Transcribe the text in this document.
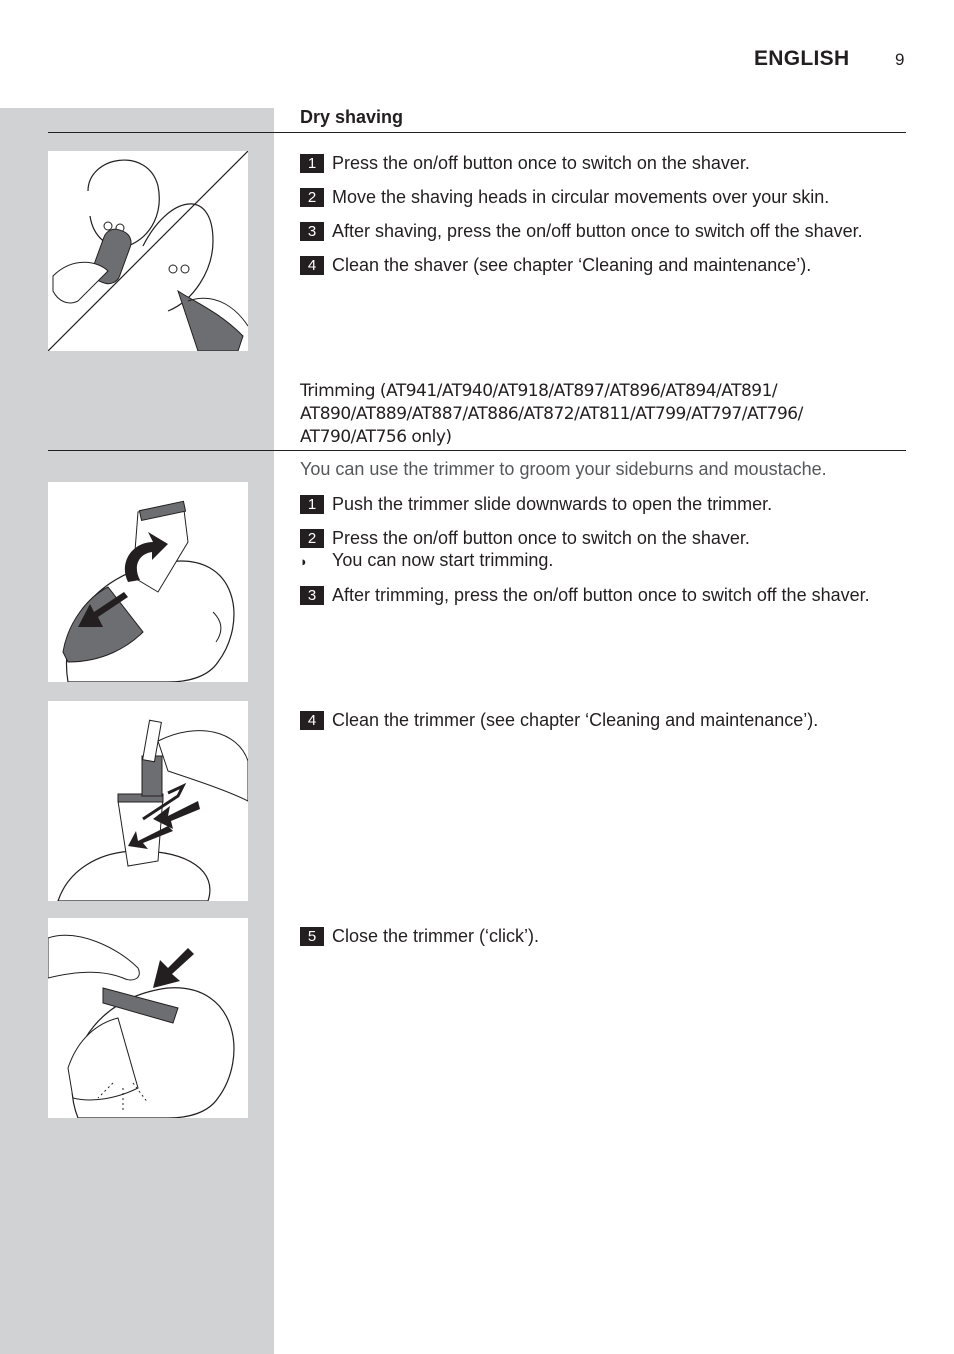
ENGLISH	9
Dry shaving
1 Press the on/off button once to switch on the shaver.
2 Move the shaving heads in circular movements over your skin.
3 After shaving, press the on/off button once to switch off the shaver.
4 Clean the shaver (see chapter ‘Cleaning and maintenance’).
Trimming (AT941/AT940/AT918/AT897/AT896/AT894/AT891/
AT890/AT889/AT887/AT886/AT872/AT811/AT799/AT797/AT796/
AT790/AT756 only)
You can use the trimmer to groom your sideburns and moustache.
1 Push the trimmer slide downwards to open the trimmer.
2 Press the on/off button once to switch on the shaver.
◗ You can now start trimming.
3 After trimming, press the on/off button once to switch off the shaver.
4 Clean the trimmer (see chapter ‘Cleaning and maintenance’).
5 Close the trimmer (‘click’).
